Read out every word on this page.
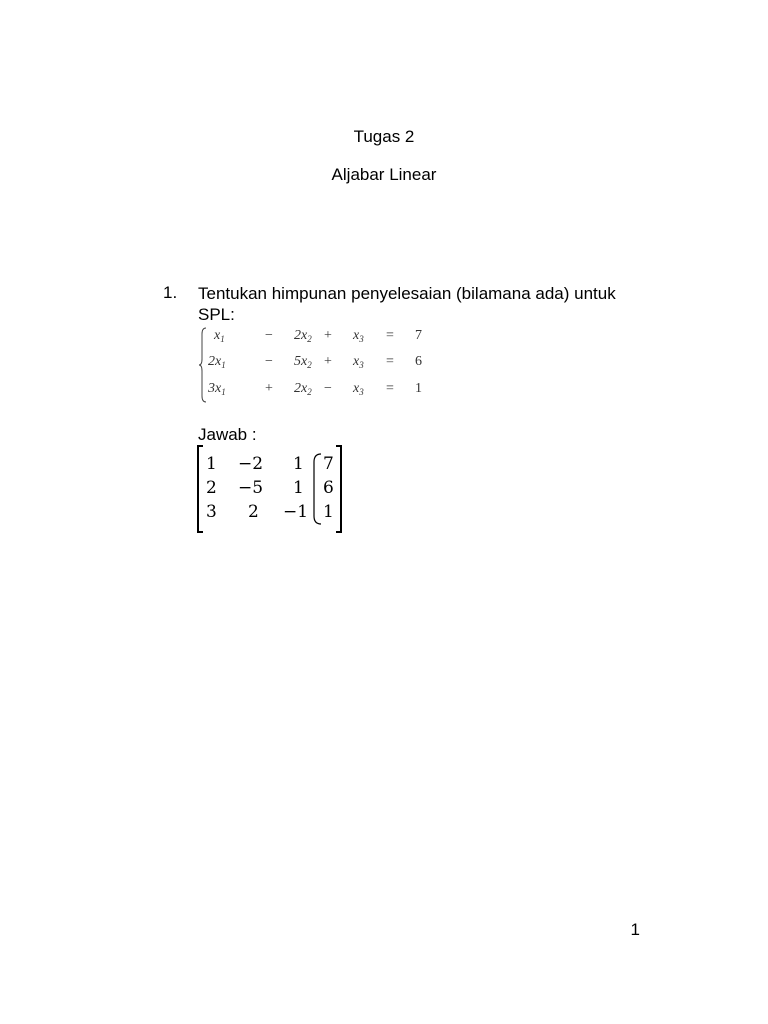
Tugas 2
Aljabar Linear
1. Tentukan himpunan penyelesaian (bilamana ada) untuk SPL:
$x_1$	− $2x_2 + x_3 = 7$
$2x_1$	− $5x_2 + x_3 = 6$
$3x_1$	+ $2x_2 - x_3 = 1$
Jawab :
1 −2 1 7
2 −5 1 6
3 2 −1 1
1
